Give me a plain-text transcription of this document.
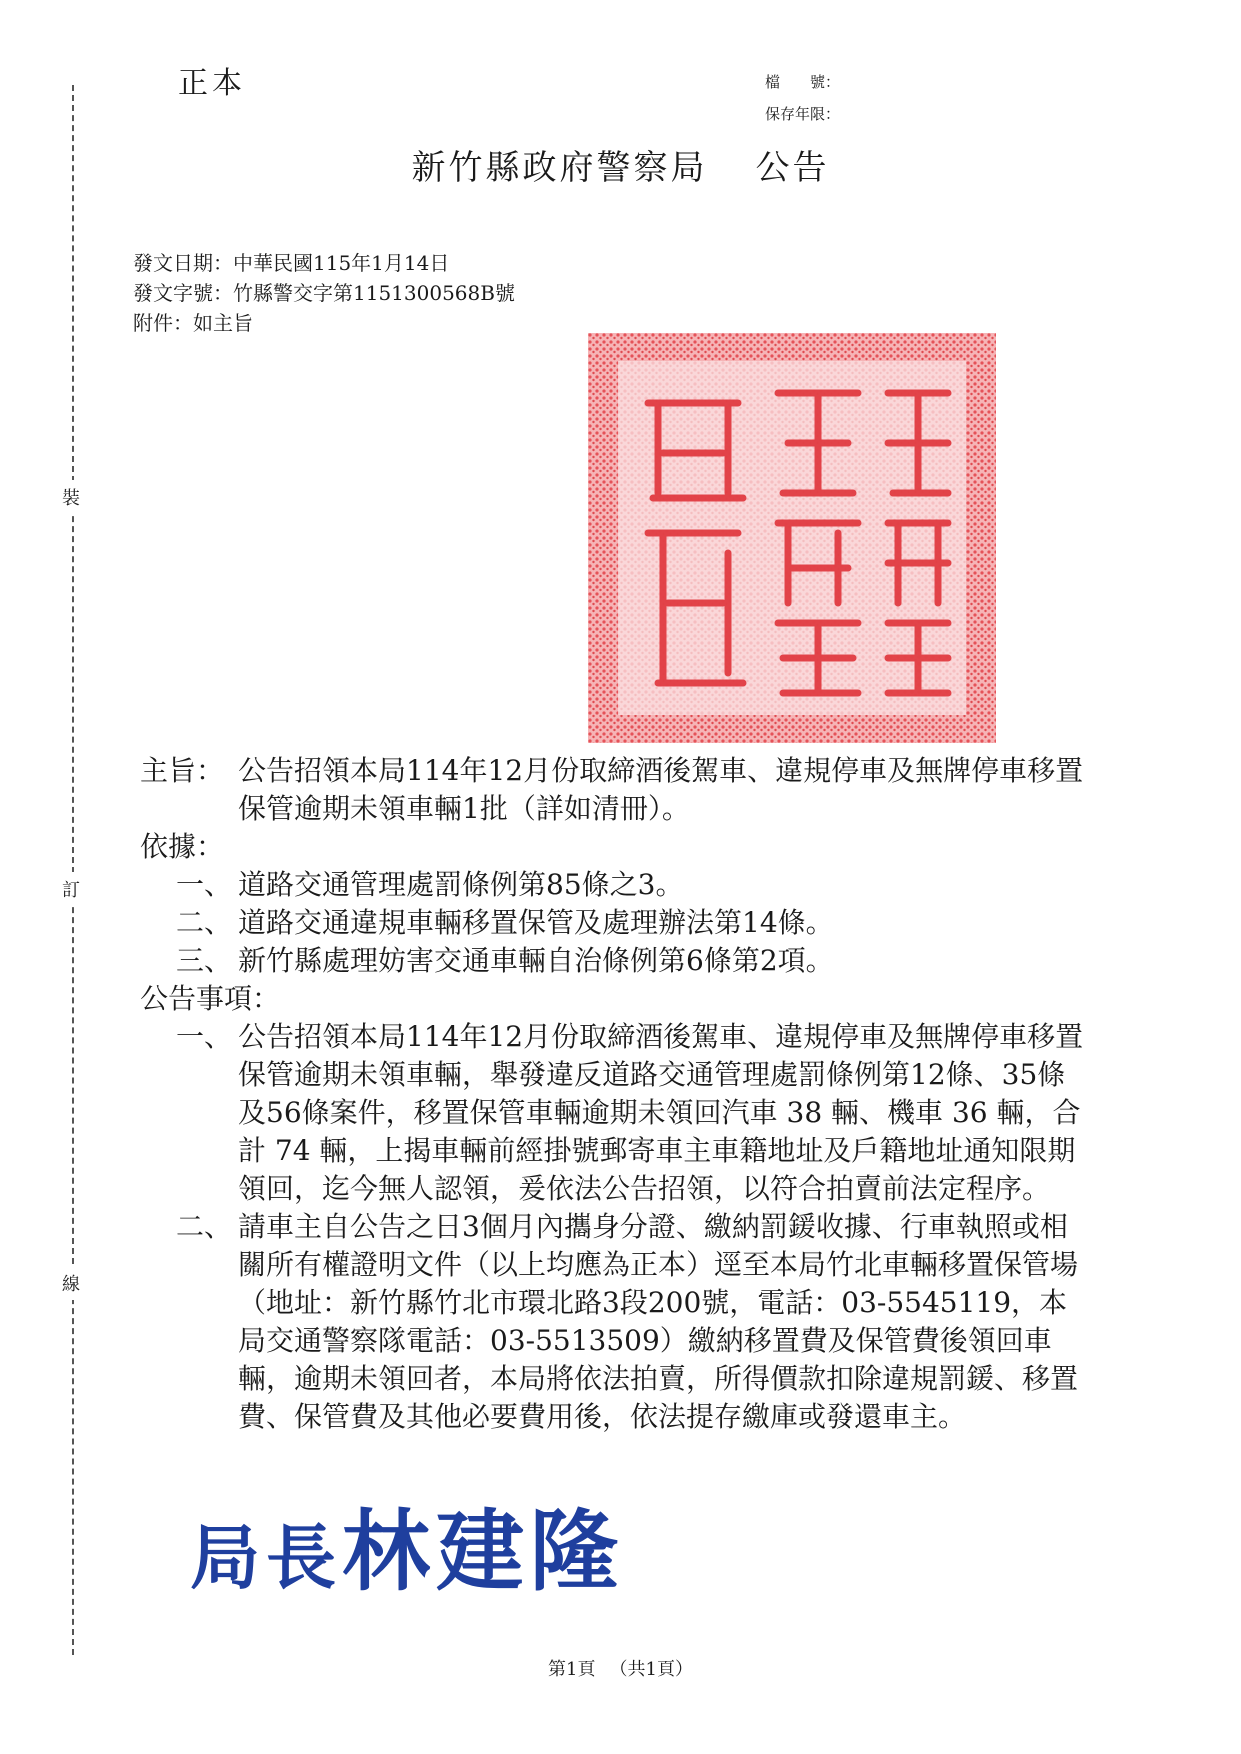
正本	檔　　號：
保存年限：
新竹縣政府警察局 公告
發文日期：中華民國115年1月14日
發文字號：竹縣警交字第1151300568B號
附件：如主旨
裝
訂
線
主旨： 公告招領本局114年12月份取締酒後駕車、違規停車及無牌停車移置保管逾期未領車輛1批（詳如清冊）。
依據：
一、 道路交通管理處罰條例第85條之3。
二、 道路交通違規車輛移置保管及處理辦法第14條。
三、 新竹縣處理妨害交通車輛自治條例第6條第2項。
公告事項：
一、 公告招領本局114年12月份取締酒後駕車、違規停車及無牌停車移置保管逾期未領車輛，舉發違反道路交通管理處罰條例第12條、35條及56條案件，移置保管車輛逾期未領回汽車 38 輛、機車 36 輛，合計 74 輛，上揭車輛前經掛號郵寄車主車籍地址及戶籍地址通知限期領回，迄今無人認領，爰依法公告招領，以符合拍賣前法定程序。
二、 請車主自公告之日3個月內攜身分證、繳納罰鍰收據、行車執照或相關所有權證明文件（以上均應為正本）逕至本局竹北車輛移置保管場（地址：新竹縣竹北市環北路3段200號，電話：03-5545119，本局交通警察隊電話：03-5513509）繳納移置費及保管費後領回車輛，逾期未領回者，本局將依法拍賣，所得價款扣除違規罰鍰、移置費、保管費及其他必要費用後，依法提存繳庫或發還車主。
局長林建隆
第1頁 （共1頁）
